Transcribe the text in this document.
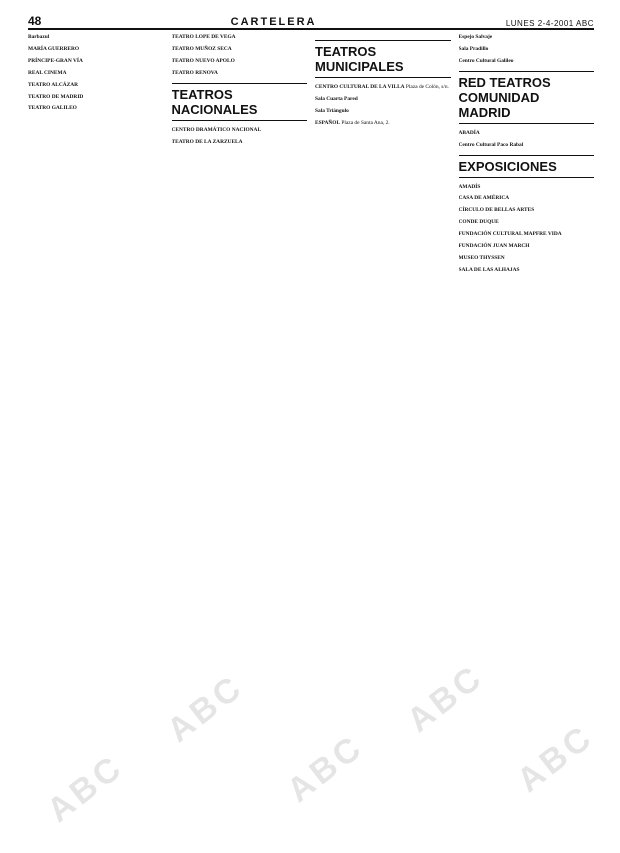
48	CARTELERA	LUNES 2-4-2001 ABC

Barbazul

MARÍA GUERRERO

PRÍNCIPE-GRAN VÍA

REAL CINEMA

TEATRO ALCÁZAR

TEATRO DE MADRID

TEATRO GALILEO

TEATRO LOPE DE VEGA

TEATRO MUÑOZ SECA

TEATRO NUEVO APOLO

TEATRO RENOVA

TEATROS NACIONALES

CENTRO DRAMÁTICO NACIONAL

TEATRO DE LA ZARZUELA

TEATROS MUNICIPALES

CENTRO CULTURAL DE LA VILLA Plaza de Colón, s/n.

Sala Cuarta Pared

Sala Triángulo

ESPAÑOL Plaza de Santa Ana, 2.

Espejo Salvaje

Sala Pradillo

Centro Cultural Galileo

RED TEATROS COMUNIDAD MADRID

ABADÍA

Centro Cultural Paco Rabal

EXPOSICIONES

AMADÍS

CASA DE AMÉRICA

CÍRCULO DE BELLAS ARTES

CONDE DUQUE

FUNDACIÓN CULTURAL MAPFRE VIDA

FUNDACIÓN JUAN MARCH

MUSEO THYSSEN

SALA DE LAS ALHAJAS

ABC
ABC
ABC
ABC
ABC
